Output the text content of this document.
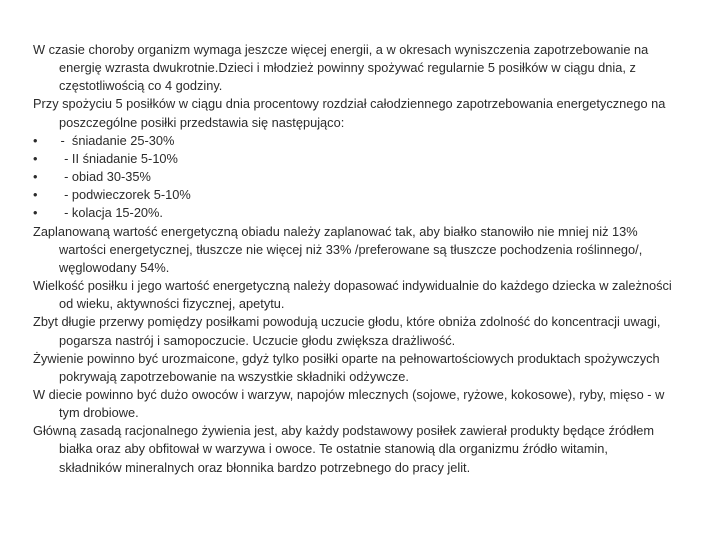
W czasie choroby organizm wymaga jeszcze więcej energii, a w okresach wyniszczenia zapotrzebowanie na energię wzrasta dwukrotnie.Dzieci i młodzież powinny spożywać regularnie 5 posiłków w ciągu dnia, z częstotliwością co 4 godziny.

Przy spożyciu 5 posiłków w ciągu dnia procentowy rozdział całodziennego zapotrzebowania energetycznego na poszczególne posiłki przedstawia się następująco:

• -  śniadanie 25-30%
•  - II śniadanie 5-10%
•  - obiad 30-35%
•  - podwieczorek 5-10%
•  - kolacja 15-20%.

Zaplanowaną wartość energetyczną obiadu należy zaplanować tak, aby białko stanowiło nie mniej niż 13% wartości energetycznej, tłuszcze nie więcej niż 33% /preferowane są tłuszcze pochodzenia roślinnego/, węglowodany 54%.

Wielkość posiłku i jego wartość energetyczną należy dopasować indywidualnie do każdego dziecka w zależności od wieku, aktywności fizycznej, apetytu.

Zbyt długie przerwy pomiędzy posiłkami powodują uczucie głodu, które obniża zdolność do koncentracji uwagi, pogarsza nastrój i samopoczucie. Uczucie głodu zwiększa drażliwość.

Żywienie powinno być urozmaicone, gdyż tylko posiłki oparte na pełnowartościowych produktach spożywczych pokrywają zapotrzebowanie na wszystkie składniki odżywcze.

W diecie powinno być dużo owoców i warzyw, napojów mlecznych (sojowe, ryżowe, kokosowe), ryby, mięso - w tym drobiowe.

Główną zasadą racjonalnego żywienia jest, aby każdy podstawowy posiłek zawierał produkty będące źródłem białka oraz aby obfitował w warzywa i owoce. Te ostatnie stanowią dla organizmu źródło witamin, składników mineralnych oraz błonnika bardzo potrzebnego do pracy jelit.
